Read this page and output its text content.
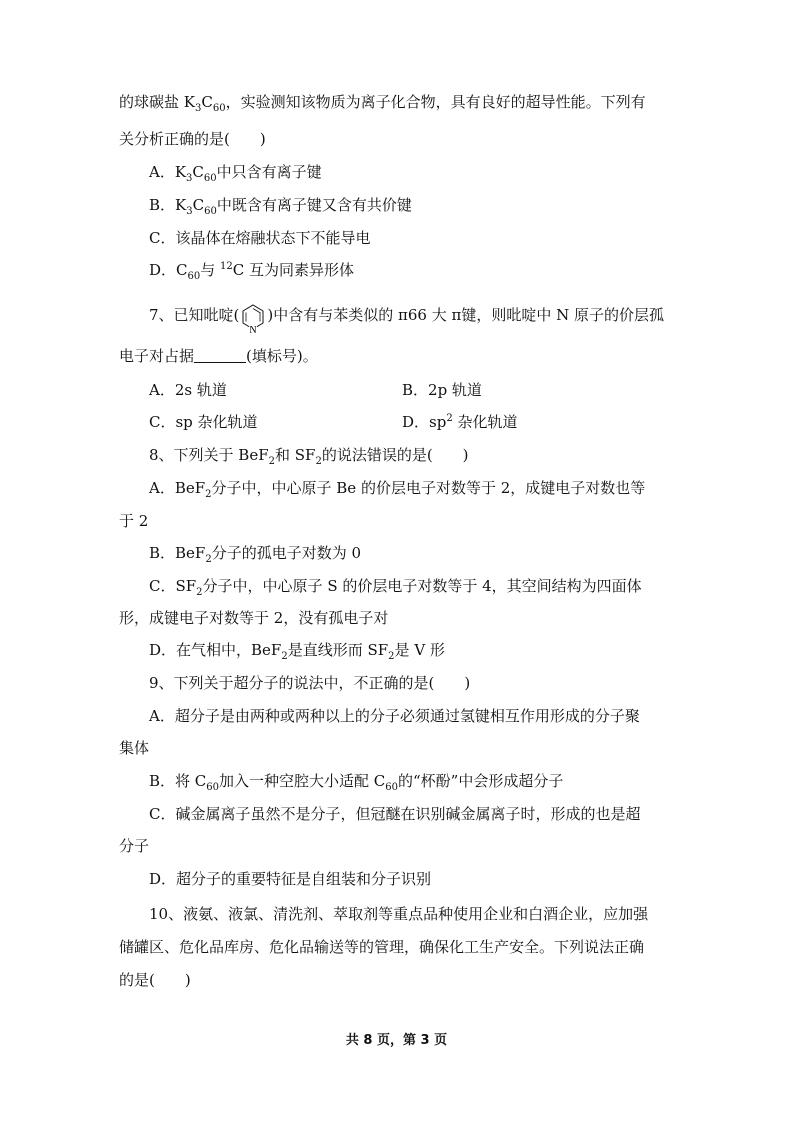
的球碳盐 $K_3C_{60}$，实验测知该物质为离子化合物，具有良好的超导性能。下列有
关分析正确的是(　　)
A．$K_3C_{60}$中只含有离子键
B．$K_3C_{60}$中既含有离子键又含有共价键
C．该晶体在熔融状态下不能导电
D．$C_{60}$与 $^{12}$C 互为同素异形体
7、已知吡啶(
N
)中含有与苯类似的 π66 大 π键，则吡啶中 N 原子的价层孤
电子对占据	(填标号)。
A．2s 轨道	B．2p 轨道
C．sp 杂化轨道	D．$sp^2$ 杂化轨道
8、下列关于 BeF$_2$和 $SF_2$的说法错误的是(　　)
A．BeF$_2$分子中，中心原子 Be 的价层电子对数等于 2，成键电子对数也等
于 2
B．BeF$_2$分子的孤电子对数为 0
C．$SF_2$分子中，中心原子 S 的价层电子对数等于 4，其空间结构为四面体
形，成键电子对数等于 2，没有孤电子对
D．在气相中，BeF$_2$是直线形而 $SF_2$是 V 形
9、下列关于超分子的说法中，不正确的是(　　)
A．超分子是由两种或两种以上的分子必须通过氢键相互作用形成的分子聚
集体
B．将 $C_{60}$加入一种空腔大小适配 $C_{60}$的“杯酚”中会形成超分子
C．碱金属离子虽然不是分子，但冠醚在识别碱金属离子时，形成的也是超
分子
D．超分子的重要特征是自组装和分子识别
10、液氨、液氯、清洗剂、萃取剂等重点品种使用企业和白酒企业，应加强
储罐区、危化品库房、危化品输送等的管理，确保化工生产安全。下列说法正确
的是(　　)
共 8 页，第 3 页
